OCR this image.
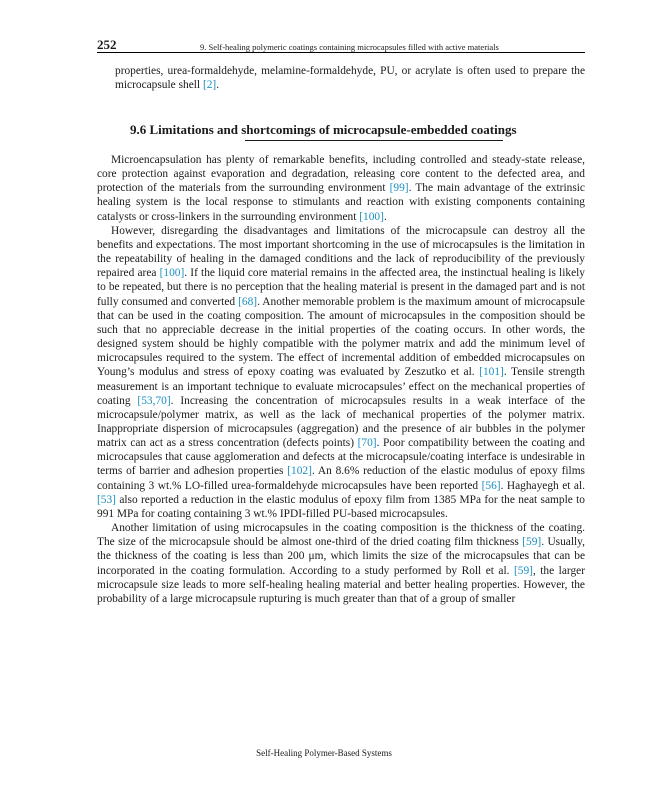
252	9. Self-healing polymeric coatings containing microcapsules filled with active materials

properties, urea-formaldehyde, melamine-formaldehyde, PU, or acrylate is often used to prepare the microcapsule shell [2].

9.6 Limitations and shortcomings of microcapsule-embedded coatings

Microencapsulation has plenty of remarkable benefits, including controlled and steady-state release, core protection against evaporation and degradation, releasing core content to the defected area, and protection of the materials from the surrounding environment [99]. The main advantage of the extrinsic healing system is the local response to stimulants and reaction with existing components containing catalysts or cross-linkers in the surrounding environment [100].

However, disregarding the disadvantages and limitations of the microcapsule can destroy all the benefits and expectations. The most important shortcoming in the use of microcapsules is the limitation in the repeatability of healing in the damaged conditions and the lack of reproducibility of the previously repaired area [100]. If the liquid core material remains in the affected area, the instinctual healing is likely to be repeated, but there is no perception that the healing material is present in the damaged part and is not fully consumed and converted [68]. Another memorable problem is the maximum amount of microcapsule that can be used in the coating composition. The amount of microcapsules in the composition should be such that no appreciable decrease in the initial properties of the coating occurs. In other words, the designed system should be highly compatible with the polymer matrix and add the minimum level of microcapsules required to the system. The effect of incremental addition of embedded microcapsules on Young’s modulus and stress of epoxy coating was evaluated by Zeszutko et al. [101]. Tensile strength measurement is an important technique to evaluate microcapsules’ effect on the mechanical properties of coating [53,70]. Increasing the concentration of microcapsules results in a weak interface of the microcapsule/polymer matrix, as well as the lack of mechanical properties of the polymer matrix. Inappropriate dispersion of microcapsules (aggregation) and the presence of air bubbles in the polymer matrix can act as a stress concentration (defects points) [70]. Poor compatibility between the coating and microcapsules that cause agglomeration and defects at the microcapsule/coating interface is undesirable in terms of barrier and adhesion properties [102]. An 8.6% reduction of the elastic modulus of epoxy films containing 3 wt.% LO-filled urea-formaldehyde microcapsules have been reported [56]. Haghayegh et al. [53] also reported a reduction in the elastic modulus of epoxy film from 1385 MPa for the neat sample to 991 MPa for coating containing 3 wt.% IPDI-filled PU-based microcapsules.

Another limitation of using microcapsules in the coating composition is the thickness of the coating. The size of the microcapsule should be almost one-third of the dried coating film thickness [59]. Usually, the thickness of the coating is less than 200 μm, which limits the size of the microcapsules that can be incorporated in the coating formulation. According to a study performed by Roll et al. [59], the larger microcapsule size leads to more self-healing healing material and better healing properties. However, the probability of a large microcapsule rupturing is much greater than that of a group of smaller

Self-Healing Polymer-Based Systems
